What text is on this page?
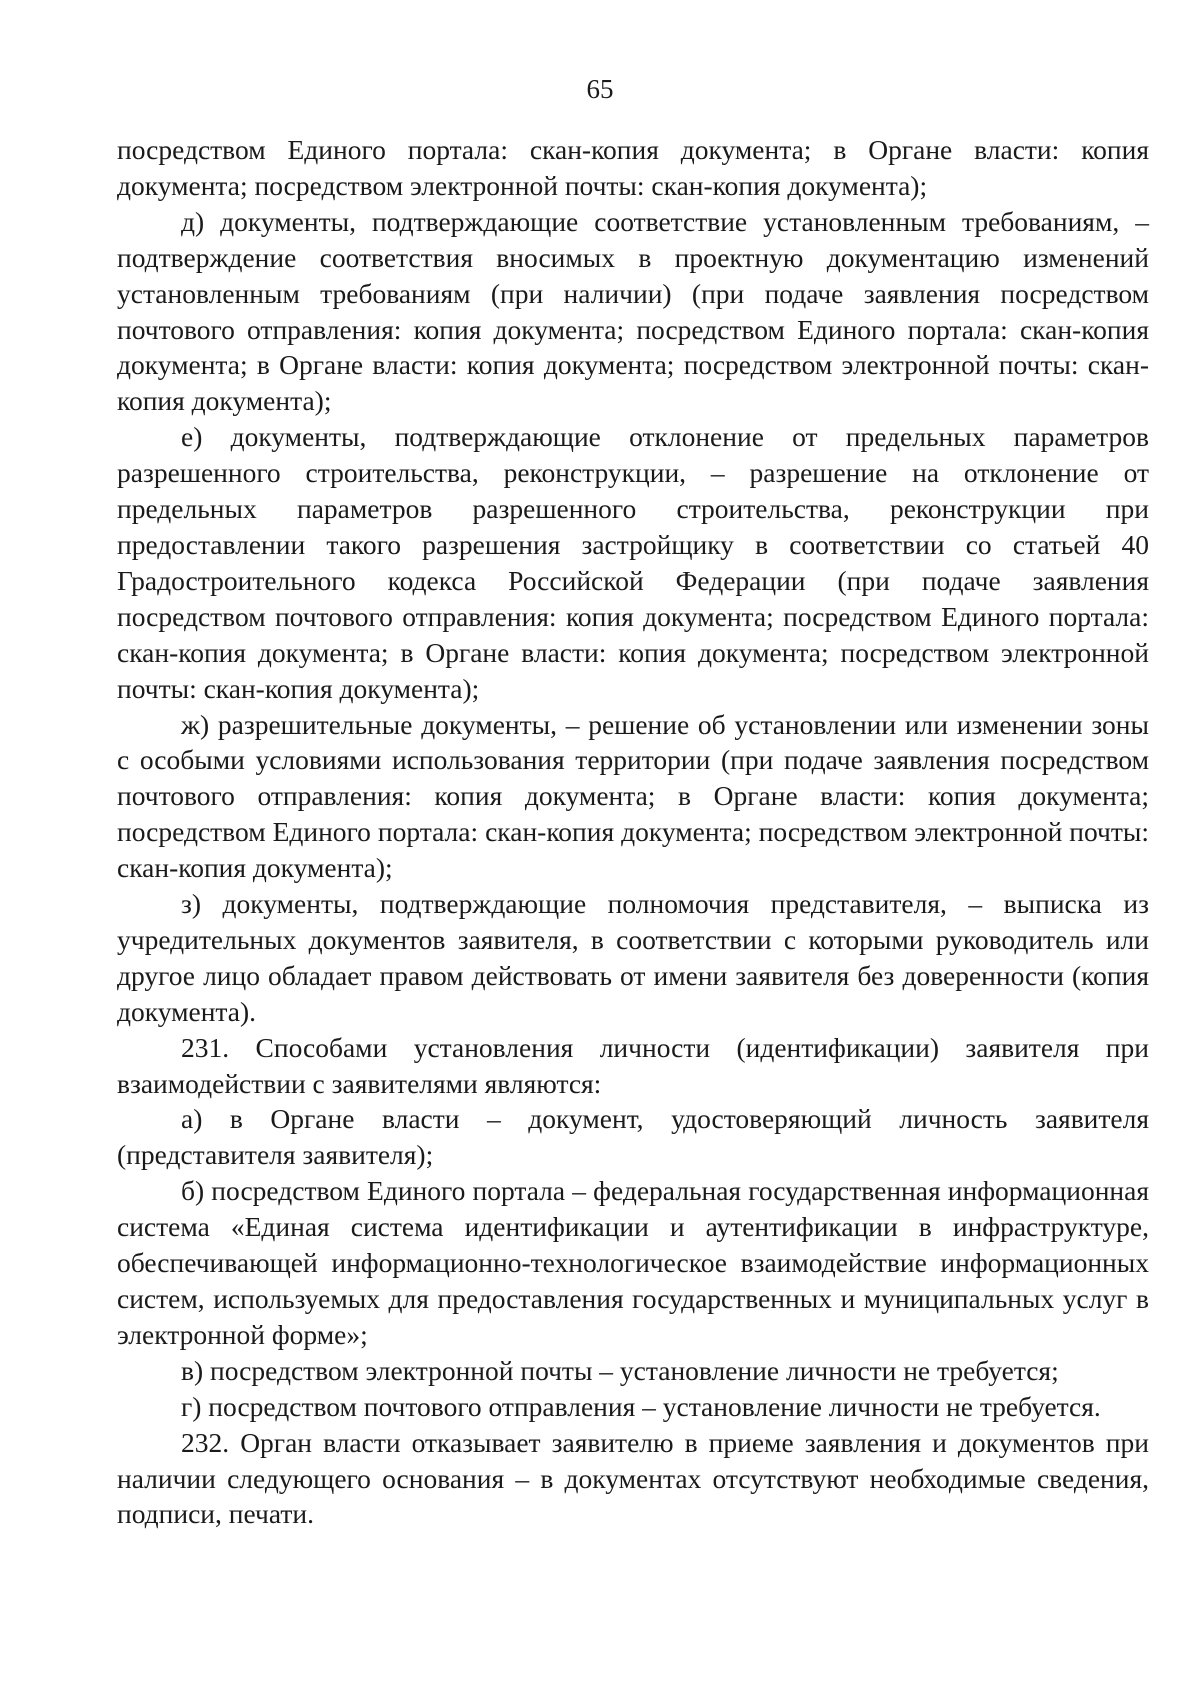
65

посредством Единого портала: скан-копия документа; в Органе власти: копия документа; посредством электронной почты: скан-копия документа);

д) документы, подтверждающие соответствие установленным требованиям, – подтверждение соответствия вносимых в проектную документацию изменений установленным требованиям (при наличии) (при подаче заявления посредством почтового отправления: копия документа; посредством Единого портала: скан-копия документа; в Органе власти: копия документа; посредством электронной почты: скан-копия документа);

е) документы, подтверждающие отклонение от предельных параметров разрешенного строительства, реконструкции, – разрешение на отклонение от предельных параметров разрешенного строительства, реконструкции при предоставлении такого разрешения застройщику в соответствии со статьей 40 Градостроительного кодекса Российской Федерации (при подаче заявления посредством почтового отправления: копия документа; посредством Единого портала: скан-копия документа; в Органе власти: копия документа; посредством электронной почты: скан-копия документа);

ж) разрешительные документы, – решение об установлении или изменении зоны с особыми условиями использования территории (при подаче заявления посредством почтового отправления: копия документа; в Органе власти: копия документа; посредством Единого портала: скан-копия документа; посредством электронной почты: скан-копия документа);

з) документы, подтверждающие полномочия представителя, – выписка из учредительных документов заявителя, в соответствии с которыми руководитель или другое лицо обладает правом действовать от имени заявителя без доверенности (копия документа).

231. Способами установления личности (идентификации) заявителя при взаимодействии с заявителями являются:

а) в Органе власти – документ, удостоверяющий личность заявителя (представителя заявителя);

б) посредством Единого портала – федеральная государственная информационная система «Единая система идентификации и аутентификации в инфраструктуре, обеспечивающей информационно-технологическое взаимодействие информационных систем, используемых для предоставления государственных и муниципальных услуг в электронной форме»;

в) посредством электронной почты – установление личности не требуется;

г) посредством почтового отправления – установление личности не требуется.

232. Орган власти отказывает заявителю в приеме заявления и документов при наличии следующего основания – в документах отсутствуют необходимые сведения, подписи, печати.
